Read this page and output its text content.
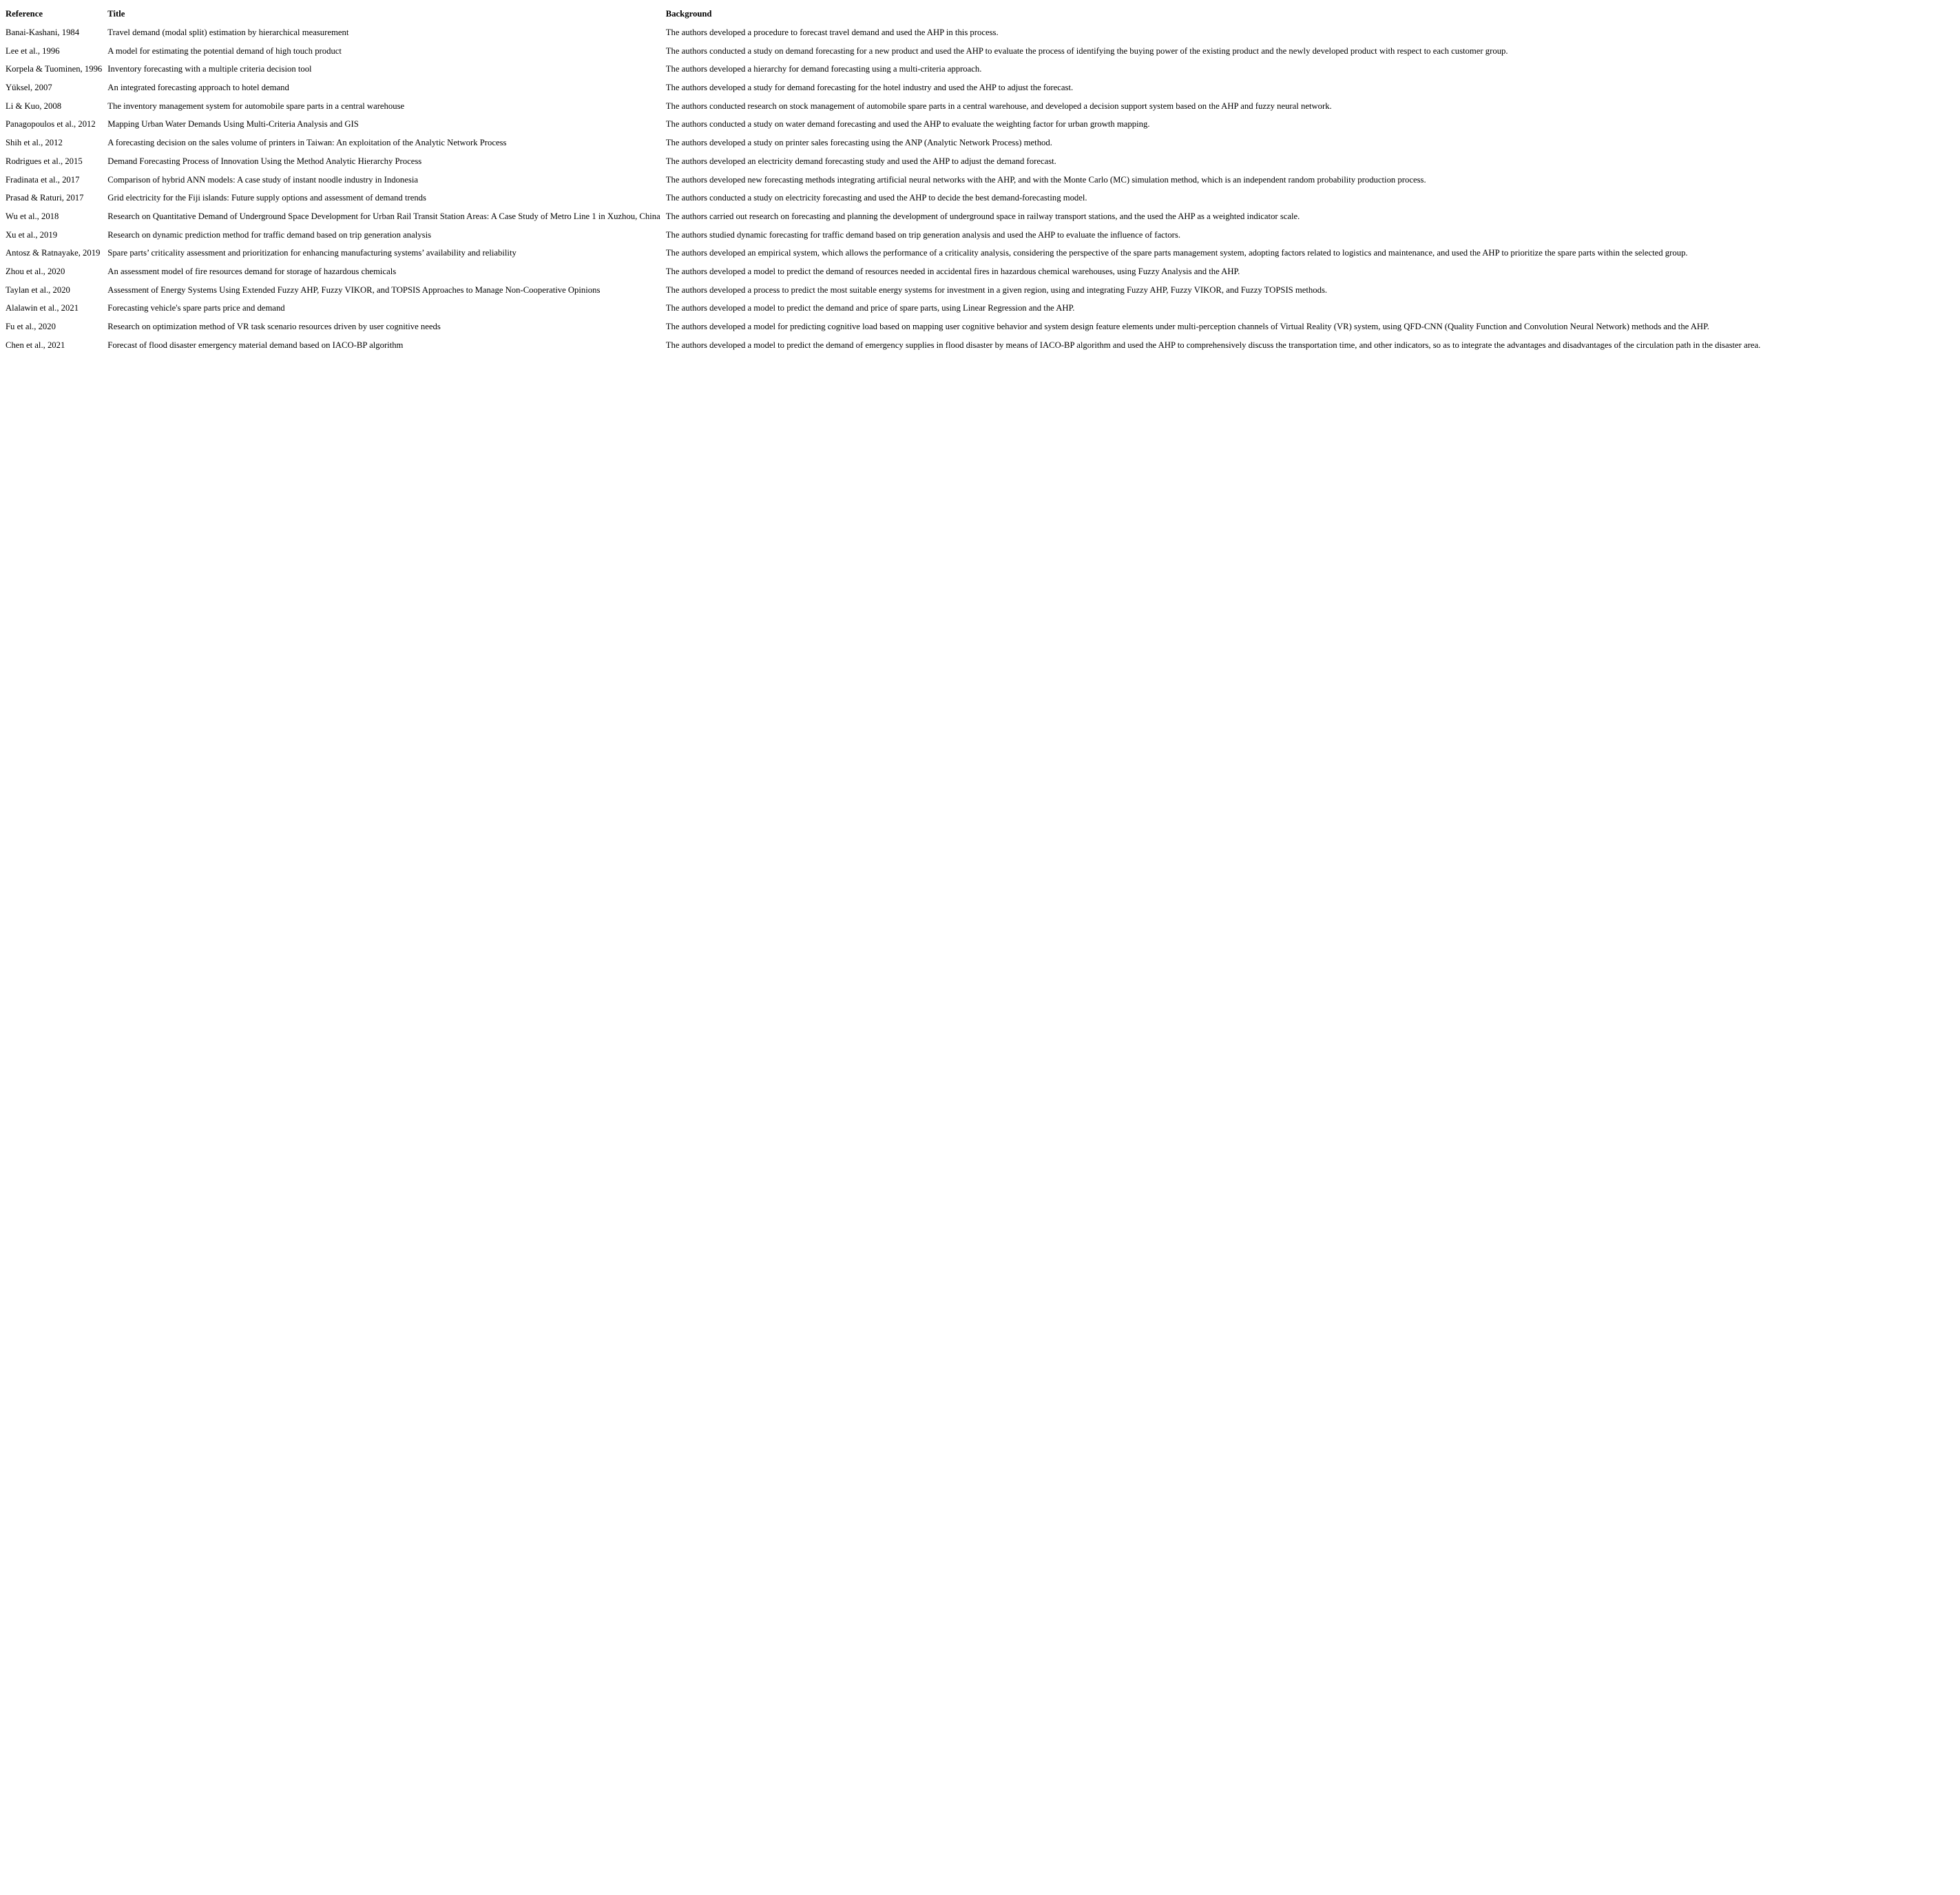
Reference	Title	Background
Banai-Kashani, 1984	Travel demand (modal split) estimation by hierarchical measurement	The authors developed a procedure to forecast travel demand and used the AHP in this process.
Lee et al., 1996	A model for estimating the potential demand of high touch product	The authors conducted a study on demand forecasting for a new product and used the AHP to evaluate the process of identifying the buying power of the existing product and the newly developed product with respect to each customer group.
Korpela & Tuominen, 1996	Inventory forecasting with a multiple criteria decision tool	The authors developed a hierarchy for demand forecasting using a multi-criteria approach.
Yüksel, 2007	An integrated forecasting approach to hotel demand	The authors developed a study for demand forecasting for the hotel industry and used the AHP to adjust the forecast.
Li & Kuo, 2008	The inventory management system for automobile spare parts in a central warehouse	The authors conducted research on stock management of automobile spare parts in a central warehouse, and developed a decision support system based on the AHP and fuzzy neural network.
Panagopoulos et al., 2012	Mapping Urban Water Demands Using Multi-Criteria Analysis and GIS	The authors conducted a study on water demand forecasting and used the AHP to evaluate the weighting factor for urban growth mapping.
Shih et al., 2012	A forecasting decision on the sales volume of printers in Taiwan: An exploitation of the Analytic Network Process	The authors developed a study on printer sales forecasting using the ANP (Analytic Network Process) method.
Rodrigues et al., 2015	Demand Forecasting Process of Innovation Using the Method Analytic Hierarchy Process	The authors developed an electricity demand forecasting study and used the AHP to adjust the demand forecast.
Fradinata et al., 2017	Comparison of hybrid ANN models: A case study of instant noodle industry in Indonesia	The authors developed new forecasting methods integrating artificial neural networks with the AHP, and with the Monte Carlo (MC) simulation method, which is an independent random probability production process.
Prasad & Raturi, 2017	Grid electricity for the Fiji islands: Future supply options and assessment of demand trends	The authors conducted a study on electricity forecasting and used the AHP to decide the best demand-forecasting model.
Wu et al., 2018	Research on Quantitative Demand of Underground Space Development for Urban Rail Transit Station Areas: A Case Study of Metro Line 1 in Xuzhou, China	The authors carried out research on forecasting and planning the development of underground space in railway transport stations, and the used the AHP as a weighted indicator scale.
Xu et al., 2019	Research on dynamic prediction method for traffic demand based on trip generation analysis	The authors studied dynamic forecasting for traffic demand based on trip generation analysis and used the AHP to evaluate the influence of factors.
Antosz & Ratnayake, 2019	Spare parts’ criticality assessment and prioritization for enhancing manufacturing systems’ availability and reliability	The authors developed an empirical system, which allows the performance of a criticality analysis, considering the perspective of the spare parts management system, adopting factors related to logistics and maintenance, and used the AHP to prioritize the spare parts within the selected group.
Zhou et al., 2020	An assessment model of fire resources demand for storage of hazardous chemicals	The authors developed a model to predict the demand of resources needed in accidental fires in hazardous chemical warehouses, using Fuzzy Analysis and the AHP.
Taylan et al., 2020	Assessment of Energy Systems Using Extended Fuzzy AHP, Fuzzy VIKOR, and TOPSIS Approaches to Manage Non-Cooperative Opinions	The authors developed a process to predict the most suitable energy systems for investment in a given region, using and integrating Fuzzy AHP, Fuzzy VIKOR, and Fuzzy TOPSIS methods.
Alalawin et al., 2021	Forecasting vehicle's spare parts price and demand	The authors developed a model to predict the demand and price of spare parts, using Linear Regression and the AHP.
Fu et al., 2020	Research on optimization method of VR task scenario resources driven by user cognitive needs	The authors developed a model for predicting cognitive load based on mapping user cognitive behavior and system design feature elements under multi-perception channels of Virtual Reality (VR) system, using QFD-CNN (Quality Function and Convolution Neural Network) methods and the AHP.
Chen et al., 2021	Forecast of flood disaster emergency material demand based on IACO-BP algorithm	The authors developed a model to predict the demand of emergency supplies in flood disaster by means of IACO-BP algorithm and used the AHP to comprehensively discuss the transportation time, and other indicators, so as to integrate the advantages and disadvantages of the circulation path in the disaster area.
